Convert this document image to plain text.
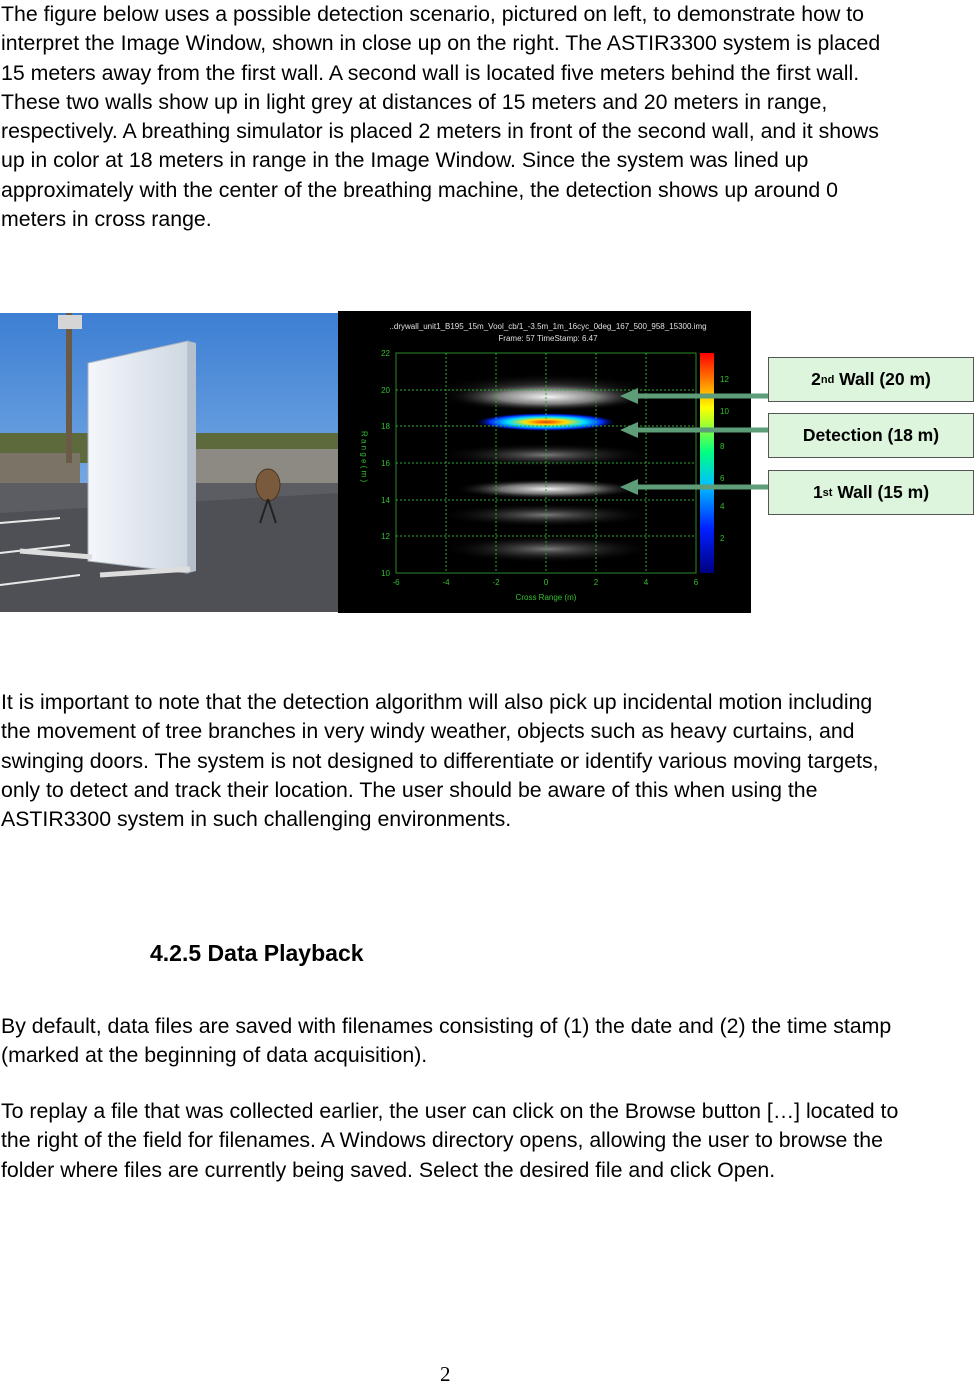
The figure below uses a possible detection scenario, pictured on left, to demonstrate how to interpret the Image Window, shown in close up on the right. The ASTIR3300 system is placed 15 meters away from the first wall. A second wall is located five meters behind the first wall. These two walls show up in light grey at distances of 15 meters and 20 meters in range, respectively. A breathing simulator is placed 2 meters in front of the second wall, and it shows up in color at 18 meters in range in the Image Window. Since the system was lined up approximately with the center of the breathing machine, the detection shows up around 0 meters in cross range.

..drywall_unit1_B195_15m_Vool_cb/1_-3.5m_1m_16cyc_0deg_167_500_958_15300.img
Frame: 57 TimeStamp: 6.47
22
20
18
16
14
12
10
R a n g e ( m )
-6	-4	-2	0	2	4	6
Cross Range (m)
12
10
8
6
4
2
2 nd Wall (20 m)
Detection (18 m)
1 st Wall (15 m)

It is important to note that the detection algorithm will also pick up incidental motion including the movement of tree branches in very windy weather, objects such as heavy curtains, and swinging doors. The system is not designed to differentiate or identify various moving targets, only to detect and track their location. The user should be aware of this when using the ASTIR3300 system in such challenging environments.

4.2.5 Data Playback

By default, data files are saved with filenames consisting of (1) the date and (2) the time stamp (marked at the beginning of data acquisition).

To replay a file that was collected earlier, the user can click on the Browse button […] located to the right of the field for filenames. A Windows directory opens, allowing the user to browse the folder where files are currently being saved. Select the desired file and click Open.

2
